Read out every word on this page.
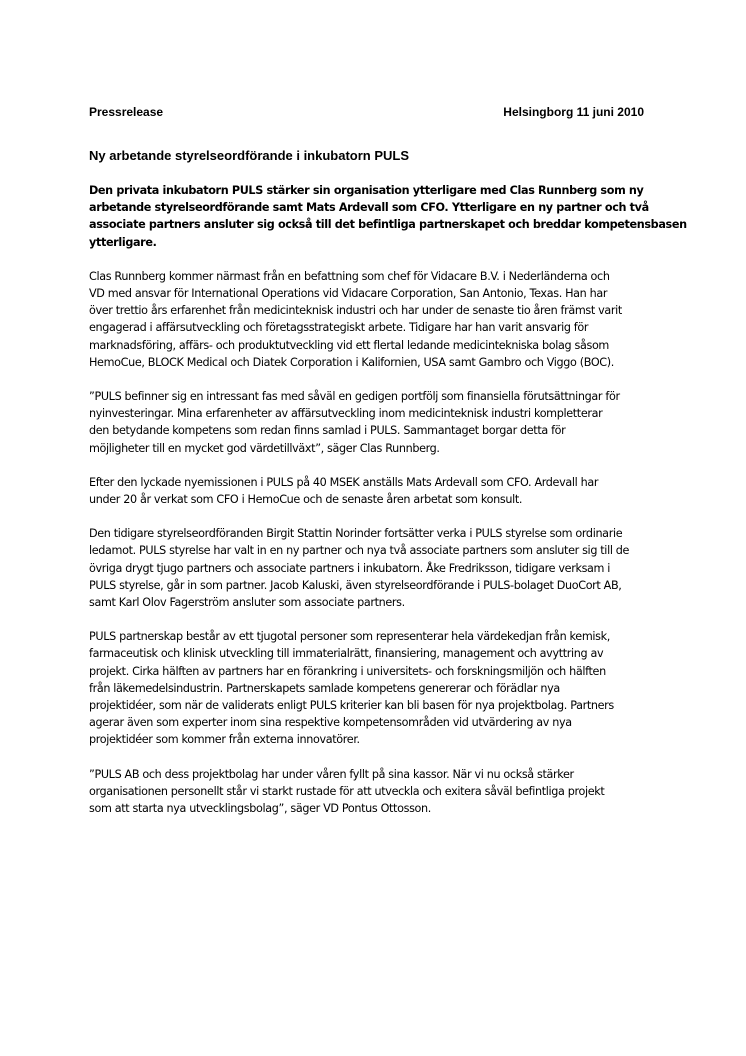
Pressrelease	Helsingborg 11 juni 2010
Ny arbetande styrelseordförande i inkubatorn PULS
Den privata inkubatorn PULS stärker sin organisation ytterligare med Clas Runnberg som ny
arbetande styrelseordförande samt Mats Ardevall som CFO. Ytterligare en ny partner och två
associate partners ansluter sig också till det befintliga partnerskapet och breddar kompetensbasen
ytterligare.
Clas Runnberg kommer närmast från en befattning som chef för Vidacare B.V. i Nederländerna och
VD med ansvar för International Operations vid Vidacare Corporation, San Antonio, Texas. Han har
över trettio års erfarenhet från medicinteknisk industri och har under de senaste tio åren främst varit
engagerad i affärsutveckling och företagsstrategiskt arbete. Tidigare har han varit ansvarig för
marknadsföring, affärs- och produktutveckling vid ett flertal ledande medicintekniska bolag såsom
HemoCue, BLOCK Medical och Diatek Corporation i Kalifornien, USA samt Gambro och Viggo (BOC).
”PULS befinner sig en intressant fas med såväl en gedigen portfölj som finansiella förutsättningar för
nyinvesteringar. Mina erfarenheter av affärsutveckling inom medicinteknisk industri kompletterar
den betydande kompetens som redan finns samlad i PULS. Sammantaget borgar detta för
möjligheter till en mycket god värdetillväxt”, säger Clas Runnberg.
Efter den lyckade nyemissionen i PULS på 40 MSEK anställs Mats Ardevall som CFO. Ardevall har
under 20 år verkat som CFO i HemoCue och de senaste åren arbetat som konsult.
Den tidigare styrelseordföranden Birgit Stattin Norinder fortsätter verka i PULS styrelse som ordinarie
ledamot. PULS styrelse har valt in en ny partner och nya två associate partners som ansluter sig till de
övriga drygt tjugo partners och associate partners i inkubatorn. Åke Fredriksson, tidigare verksam i
PULS styrelse, går in som partner. Jacob Kaluski, även styrelseordförande i PULS-bolaget DuoCort AB,
samt Karl Olov Fagerström ansluter som associate partners.
PULS partnerskap består av ett tjugotal personer som representerar hela värdekedjan från kemisk,
farmaceutisk och klinisk utveckling till immaterialrätt, finansiering, management och avyttring av
projekt. Cirka hälften av partners har en förankring i universitets- och forskningsmiljön och hälften
från läkemedelsindustrin. Partnerskapets samlade kompetens genererar och förädlar nya
projektidéer, som när de validerats enligt PULS kriterier kan bli basen för nya projektbolag. Partners
agerar även som experter inom sina respektive kompetensområden vid utvärdering av nya
projektidéer som kommer från externa innovatörer.
”PULS AB och dess projektbolag har under våren fyllt på sina kassor. När vi nu också stärker
organisationen personellt står vi starkt rustade för att utveckla och exitera såväl befintliga projekt
som att starta nya utvecklingsbolag”, säger VD Pontus Ottosson.
